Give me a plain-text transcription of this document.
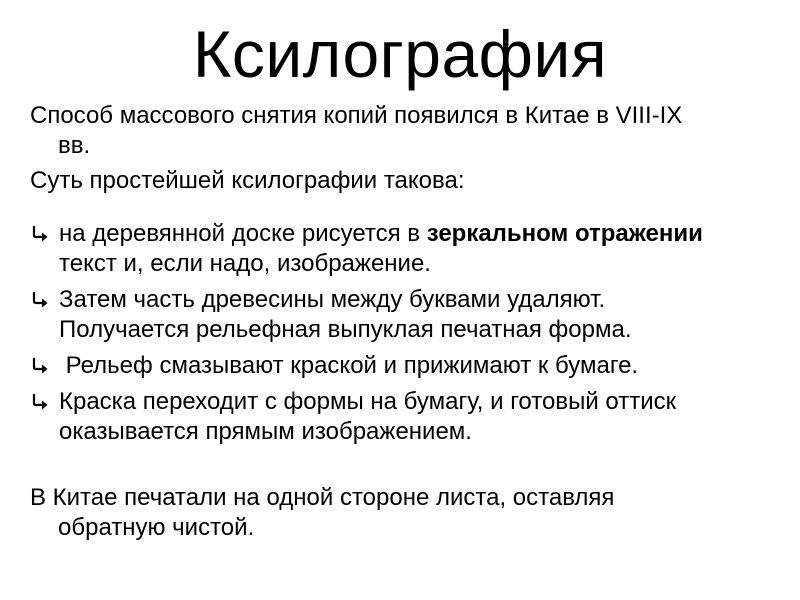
Ксилография

Способ массового снятия копий появился в Китае в VIII-IX
вв.

Суть простейшей ксилографии такова:

на деревянной доске рисуется в зеркальном отражении
текст и, если надо, изображение.
Затем часть древесины между буквами удаляют.
Получается рельефная выпуклая печатная форма.
Рельеф смазывают краской и прижимают к бумаге.
Краска переходит с формы на бумагу, и готовый оттиск
оказывается прямым изображением.

В Китае печатали на одной стороне листа, оставляя
обратную чистой.
